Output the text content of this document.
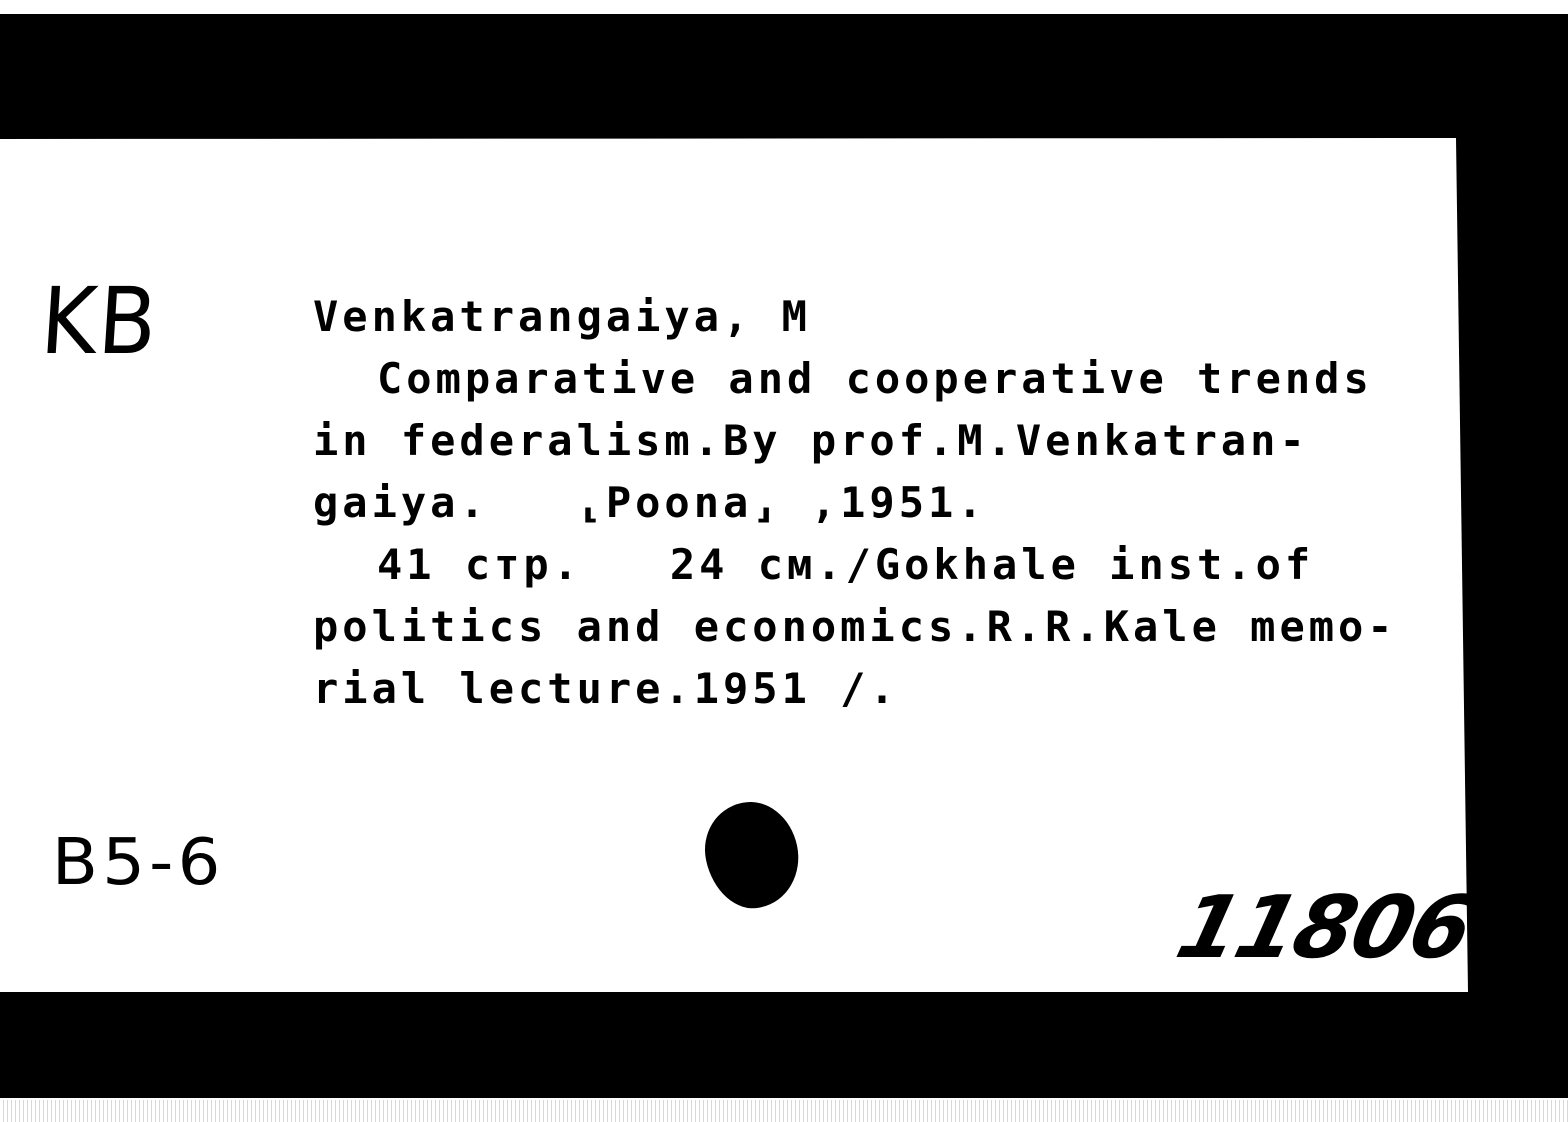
KB	Venkatrangaiya, M

Comparative and cooperative trends

in federalism.By prof.M.Venkatran-

gaiya.   ⸤Poona⸥ ,1951.

41 стр.   24 см./Gokhale inst.of

politics and economics.R.R.Kale memo-

rial lecture.1951 /.

B5-6

11806
